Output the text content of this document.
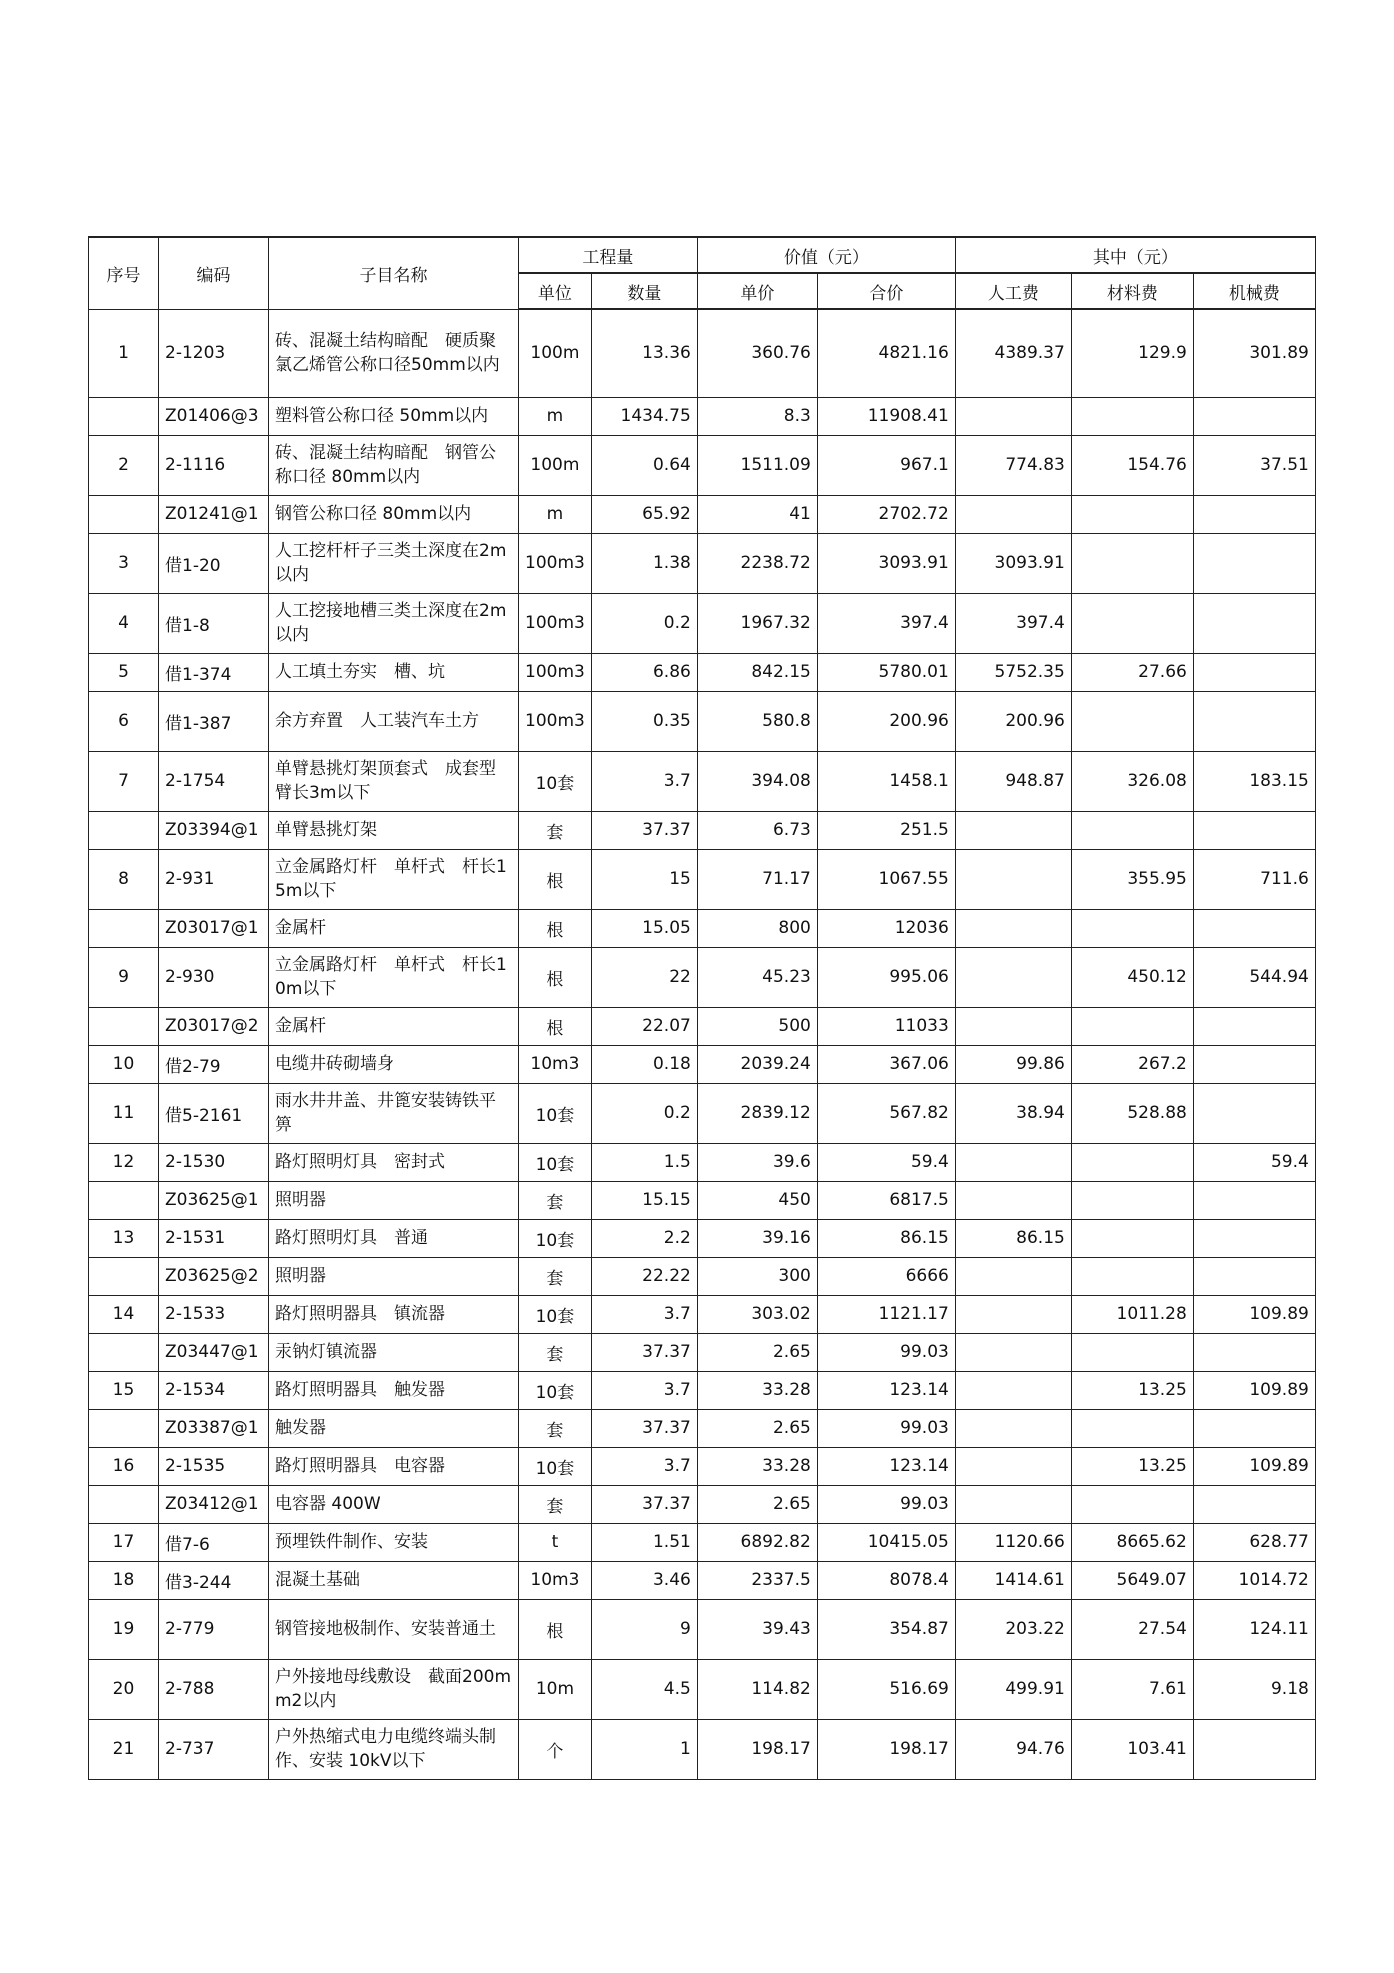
序号	编码	子目名称	工程量		价值（元）		其中（元）		
			单位	数量	单价	合价	人工费	材料费	机械费
1	2-1203	砖、混凝土结构暗配　硬质聚氯乙烯管公称口径50mm以内	100m	13.36	360.76	4821.16	4389.37	129.9	301.89
	Z01406@3	塑料管公称口径 50mm以内	m	1434.75	8.3	11908.41			
2	2-1116	砖、混凝土结构暗配　钢管公称口径 80mm以内	100m	0.64	1511.09	967.1	774.83	154.76	37.51
	Z01241@1	钢管公称口径 80mm以内	m	65.92	41	2702.72			
3	借1-20	人工挖杆杆子三类土深度在2m以内	100m3	1.38	2238.72	3093.91	3093.91		
4	借1-8	人工挖接地槽三类土深度在2m以内	100m3	0.2	1967.32	397.4	397.4		
5	借1-374	人工填土夯实　槽、坑	100m3	6.86	842.15	5780.01	5752.35	27.66	
6	借1-387	余方弃置　人工装汽车土方	100m3	0.35	580.8	200.96	200.96		
7	2-1754	单臂悬挑灯架顶套式　成套型　臂长3m以下	10套	3.7	394.08	1458.1	948.87	326.08	183.15
	Z03394@1	单臂悬挑灯架	套	37.37	6.73	251.5			
8	2-931	立金属路灯杆　单杆式　杆长15m以下	根	15	71.17	1067.55		355.95	711.6
	Z03017@1	金属杆	根	15.05	800	12036			
9	2-930	立金属路灯杆　单杆式　杆长10m以下	根	22	45.23	995.06		450.12	544.94
	Z03017@2	金属杆	根	22.07	500	11033			
10	借2-79	电缆井砖砌墙身	10m3	0.18	2039.24	367.06	99.86	267.2	
11	借5-2161	雨水井井盖、井篦安装铸铁平箅	10套	0.2	2839.12	567.82	38.94	528.88	
12	2-1530	路灯照明灯具　密封式	10套	1.5	39.6	59.4			59.4
	Z03625@1	照明器	套	15.15	450	6817.5			
13	2-1531	路灯照明灯具　普通	10套	2.2	39.16	86.15	86.15		
	Z03625@2	照明器	套	22.22	300	6666			
14	2-1533	路灯照明器具　镇流器	10套	3.7	303.02	1121.17		1011.28	109.89
	Z03447@1	汞钠灯镇流器	套	37.37	2.65	99.03			
15	2-1534	路灯照明器具　触发器	10套	3.7	33.28	123.14		13.25	109.89
	Z03387@1	触发器	套	37.37	2.65	99.03			
16	2-1535	路灯照明器具　电容器	10套	3.7	33.28	123.14		13.25	109.89
	Z03412@1	电容器 400W	套	37.37	2.65	99.03			
17	借7-6	预埋铁件制作、安装	t	1.51	6892.82	10415.05	1120.66	8665.62	628.77
18	借3-244	混凝土基础	10m3	3.46	2337.5	8078.4	1414.61	5649.07	1014.72
19	2-779	钢管接地极制作、安装普通土	根	9	39.43	354.87	203.22	27.54	124.11
20	2-788	户外接地母线敷设　截面200mm2以内	10m	4.5	114.82	516.69	499.91	7.61	9.18
21	2-737	户外热缩式电力电缆终端头制作、安装 10kV以下	个	1	198.17	198.17	94.76	103.41	
